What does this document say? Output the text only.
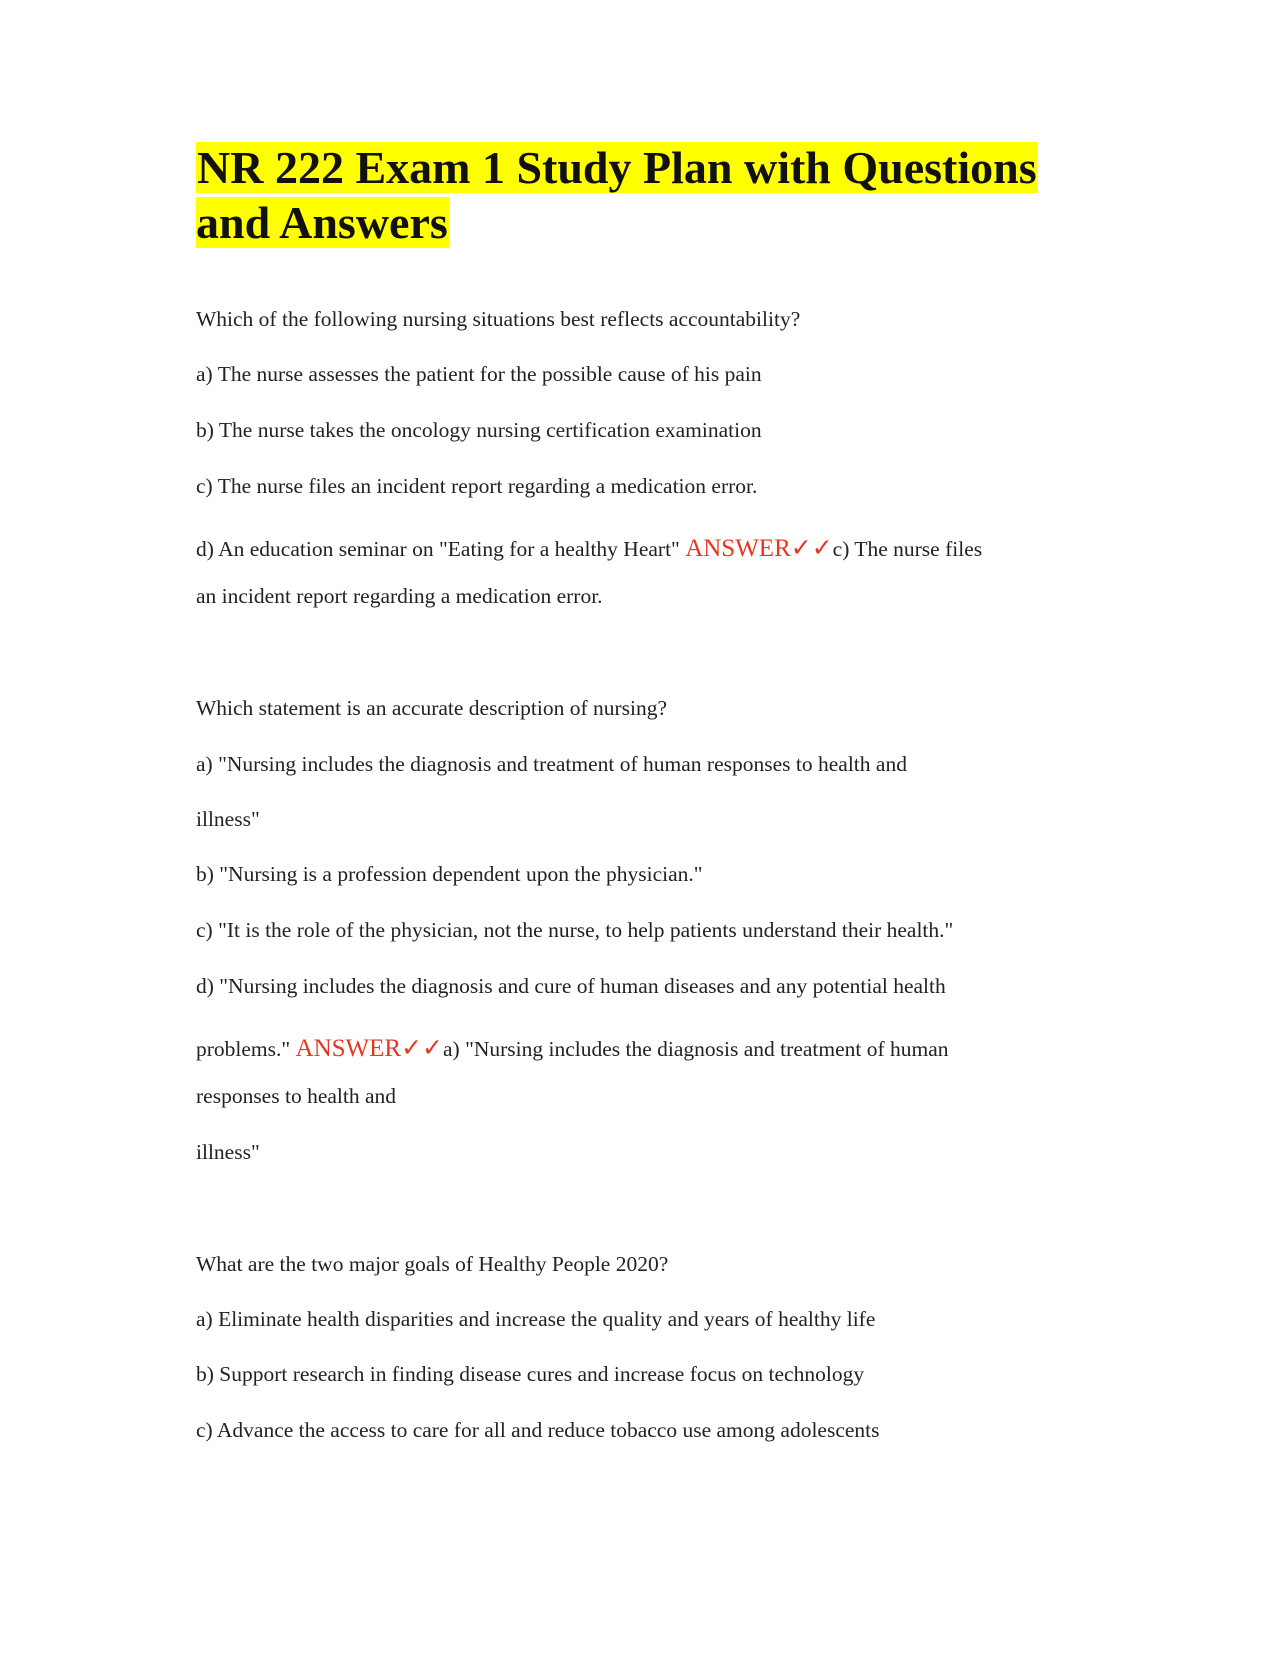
NR 222 Exam 1 Study Plan with Questions and Answers
Which of the following nursing situations best reflects accountability?
a) The nurse assesses the patient for the possible cause of his pain
b) The nurse takes the oncology nursing certification examination
c) The nurse files an incident report regarding a medication error.
d) An education seminar on "Eating for a healthy Heart" ANSWER✓✓c) The nurse files
an incident report regarding a medication error.
Which statement is an accurate description of nursing?
a) "Nursing includes the diagnosis and treatment of human responses to health and
illness"
b) "Nursing is a profession dependent upon the physician."
c) "It is the role of the physician, not the nurse, to help patients understand their health."
d) "Nursing includes the diagnosis and cure of human diseases and any potential health
problems." ANSWER✓✓a) "Nursing includes the diagnosis and treatment of human
responses to health and
illness"
What are the two major goals of Healthy People 2020?
a) Eliminate health disparities and increase the quality and years of healthy life
b) Support research in finding disease cures and increase focus on technology
c) Advance the access to care for all and reduce tobacco use among adolescents
